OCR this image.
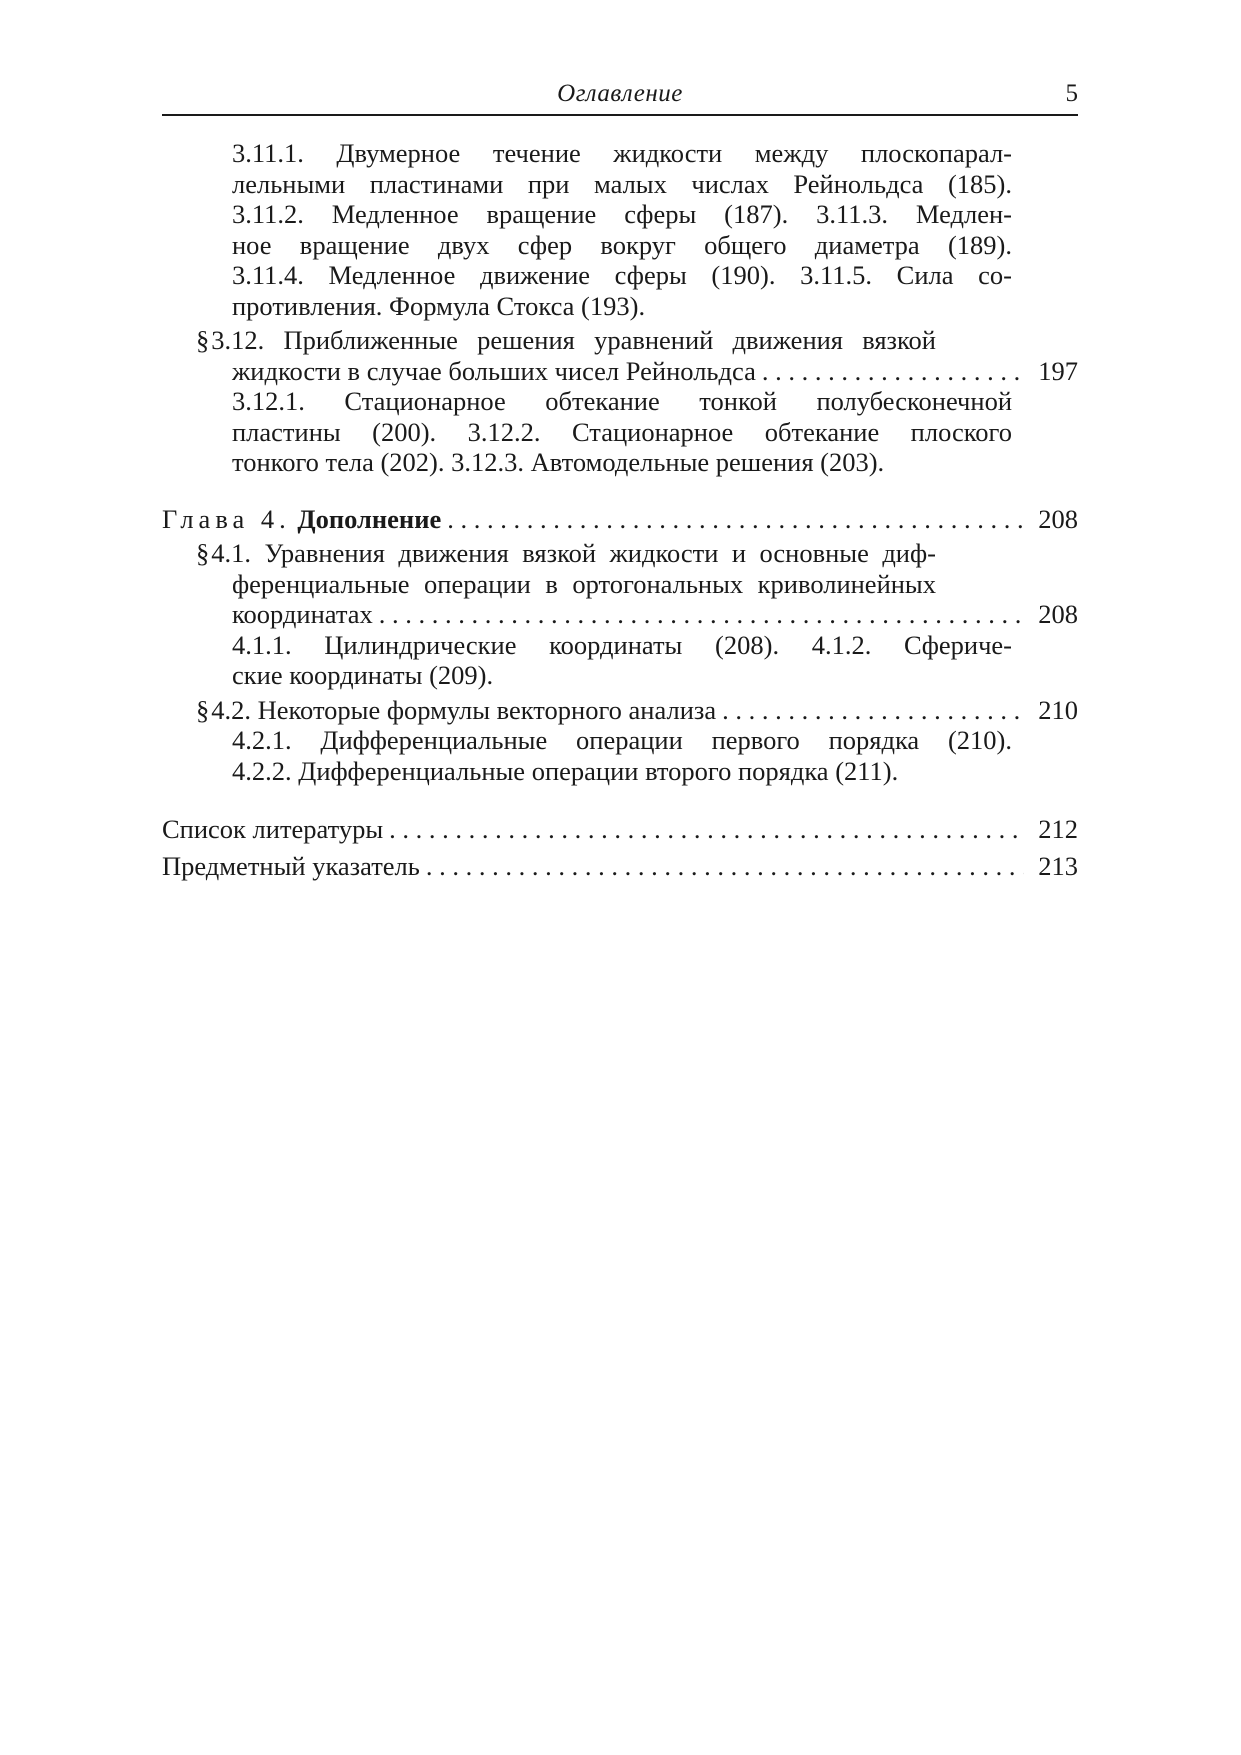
Оглавление	5
3.11.1. Двумерное течение жидкости между плоскопарал-
лельными пластинами при малых числах Рейнольдса (185).
3.11.2. Медленное вращение сферы (187). 3.11.3. Медлен-
ное вращение двух сфер вокруг общего диаметра (189).
3.11.4. Медленное движение сферы (190). 3.11.5. Сила со-
противления. Формула Стокса (193).
§3.12. Приближенные решения уравнений движения вязкой
жидкости в случае больших чисел Рейнольдса . . .	197
3.12.1. Стационарное обтекание тонкой полубесконечной
пластины (200). 3.12.2. Стационарное обтекание плоского
тонкого тела (202). 3.12.3. Автомодельные решения (203).
Глава 4. Дополнение . . .	208
§4.1. Уравнения движения вязкой жидкости и основные диф-
ференциальные операции в ортогональных криволинейных
координатах . . .	208
4.1.1. Цилиндрические координаты (208). 4.1.2. Сфериче-
ские координаты (209).
§4.2. Некоторые формулы векторного анализа . . .	210
4.2.1. Дифференциальные операции первого порядка (210).
4.2.2. Дифференциальные операции второго порядка (211).
Список литературы . . .	212
Предметный указатель . . .	213
